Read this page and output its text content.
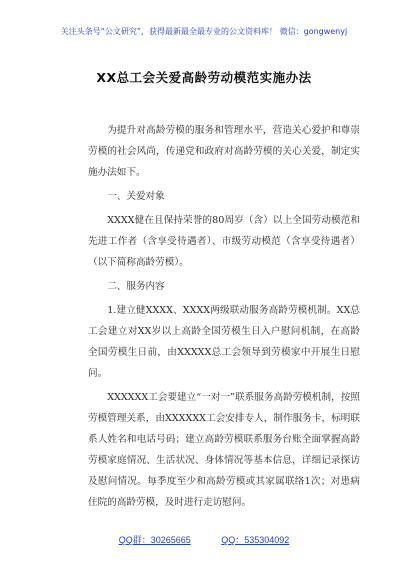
关注头条号“公文研究”，获得最新最全最专业的公文资料库！ 微信：gongwenyj
XX总工会关爱高龄劳动模范实施办法

为提升对高龄劳模的服务和管理水平，营造关心爱护和尊崇劳模的社会风尚，传递党和政府对高龄劳模的关心关爱，制定实施办法如下。

一、关爱对象

XXXX健在且保持荣誉的80周岁（含）以上全国劳动模范和先进工作者（含享受待遇者）、市级劳动模范（含享受待遇者）（以下简称高龄劳模）。

二、服务内容

1.建立健XXXX、XXXX两级联动服务高龄劳模机制。XX总工会建立对XX岁以上高龄全国劳模生日入户慰问机制，在高龄全国劳模生日前，由XXXXX总工会领导到劳模家中开展生日慰问。

XXXXXX工会要建立“一对一”联系服务高龄劳模机制，按照劳模管理关系，由XXXXXX工会安排专人，制作服务卡，标明联系人姓名和电话号码；建立高龄劳模联系服务台账全面掌握高龄劳模家庭情况、生活状况、身体情况等基本信息，详细记录探访及慰问情况。每季度至少和高龄劳模或其家属联络1次；对患病住院的高龄劳模，及时进行走访慰问。

QQ群：30265665	QQ：535304092
